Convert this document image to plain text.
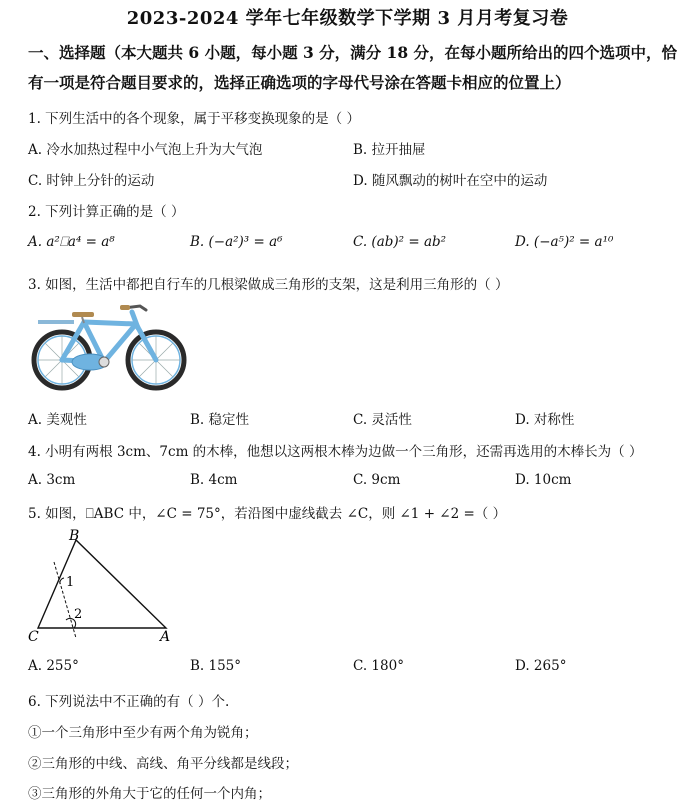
2023-2024 学年七年级数学下学期 3 月月考复习卷
一、选择题（本大题共 6 小题，每小题 3 分，满分 18 分，在每小题所给出的四个选项中，恰有一项是符合题目要求的，选择正确选项的字母代号涂在答题卡相应的位置上）
1. 下列生活中的各个现象，属于平移变换现象的是（ ）
A. 冷水加热过程中小气泡上升为大气泡	B. 拉开抽屉
C. 时钟上分针的运动	D. 随风飘动的树叶在空中的运动
2. 下列计算正确的是（ ）
A. a²⎕a⁴ = a⁸	B. (−a²)³ = a⁶	C. (ab)² = ab²	D. (−a⁵)² = a¹⁰
3. 如图，生活中都把自行车的几根梁做成三角形的支架，这是利用三角形的（ ）
A. 美观性	B. 稳定性	C. 灵活性	D. 对称性
4. 小明有两根 3cm、7cm 的木棒，他想以这两根木棒为边做一个三角形，还需再选用的木棒长为（ ）
A. 3cm	B. 4cm	C. 9cm	D. 10cm
5. 如图，⎕ABC 中，∠C = 75°，若沿图中虚线截去 ∠C，则 ∠1 + ∠2 =（ ）
B
C	A
1
2
A. 255°	B. 155°	C. 180°	D. 265°
6. 下列说法中不正确的有（ ）个.
①一个三角形中至少有两个角为锐角；
②三角形的中线、高线、角平分线都是线段；
③三角形的外角大于它的任何一个内角；
